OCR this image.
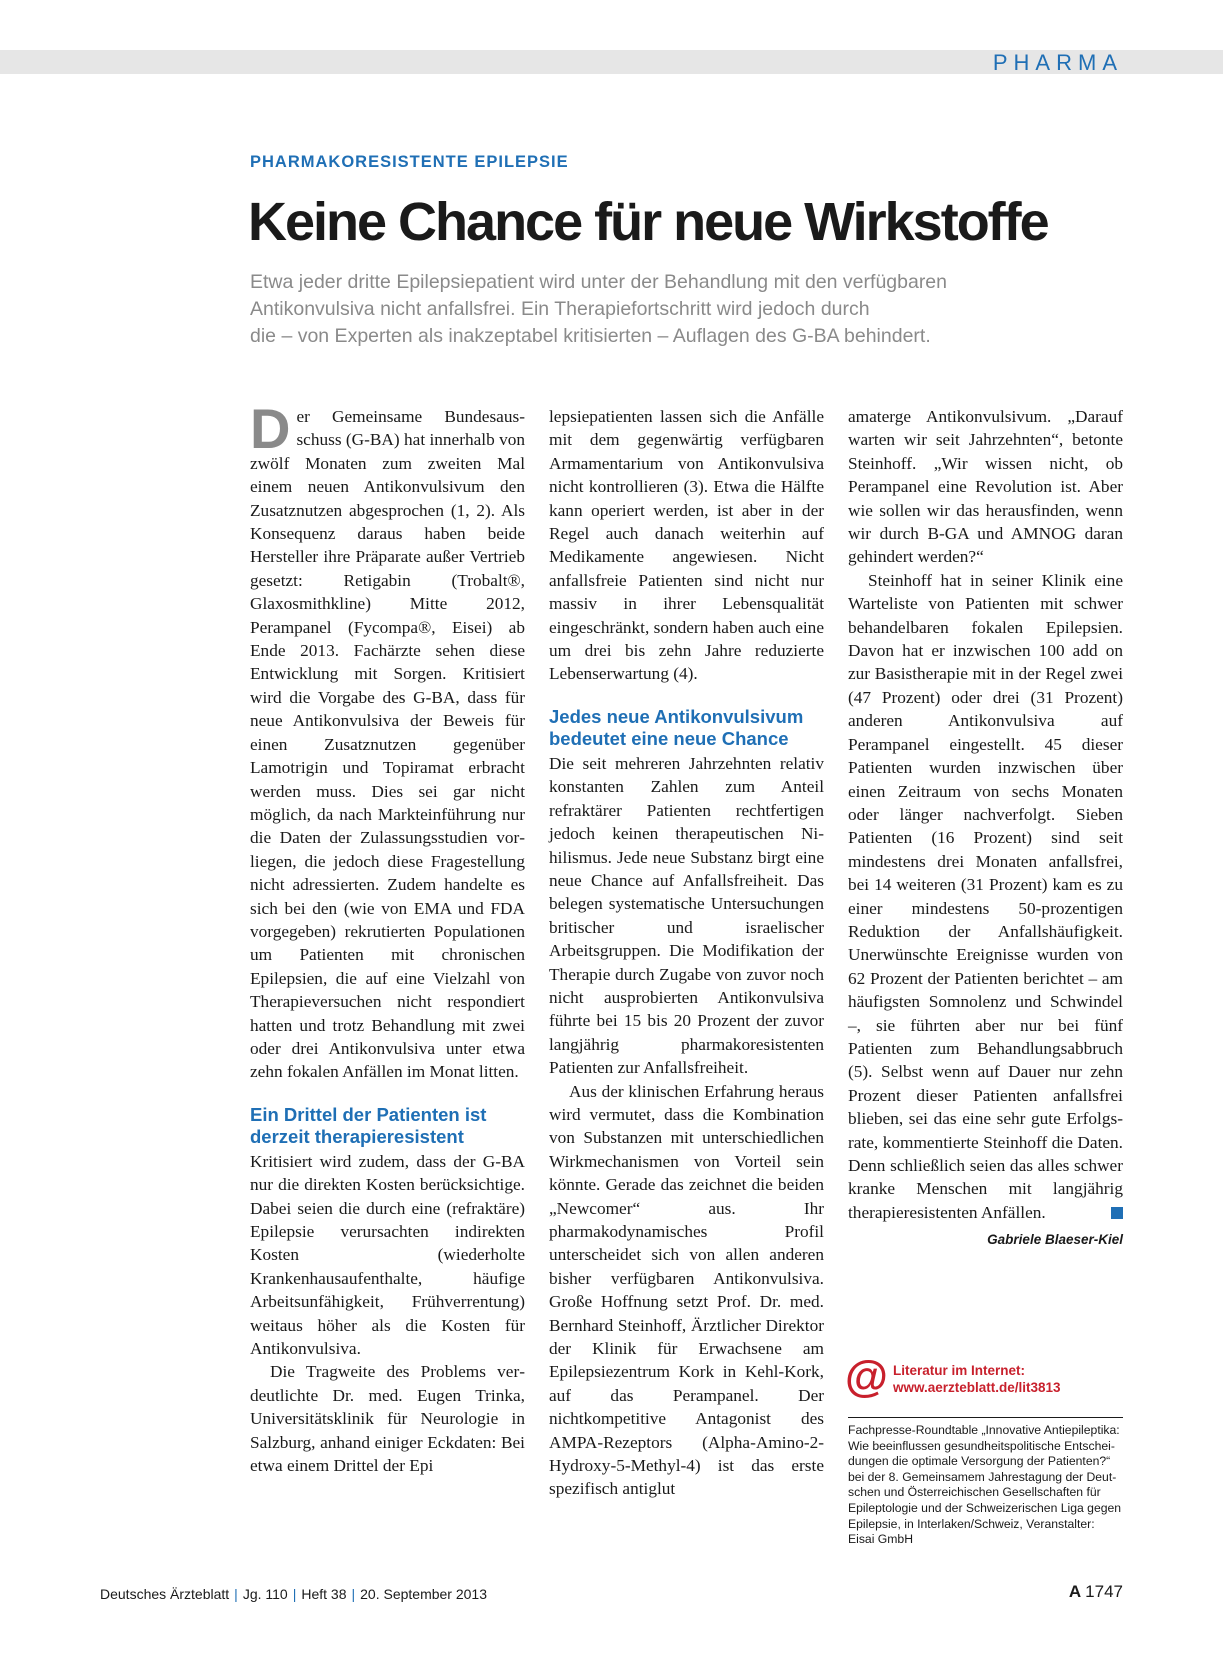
PHARMA
PHARMAKORESISTENTE EPILEPSIE
Keine Chance für neue Wirkstoffe
Etwa jeder dritte Epilepsiepatient wird unter der Behandlung mit den verfügbaren
Antikonvulsiva nicht anfallsfrei. Ein Therapiefortschritt wird jedoch durch
die – von Experten als inakzeptabel kritisierten – Auflagen des G-BA behindert.

Der Gemeinsame Bundesausschuss (G-BA) hat innerhalb von zwölf Monaten zum zweiten Mal einem neuen Antikonvulsivum den Zusatznutzen abgesprochen (1, 2). Als Konsequenz daraus haben beide Hersteller ihre Präparate außer Vertrieb gesetzt: Retigabin (Trobalt®, Glaxosmithkline) Mitte 2012, Perampanel (Fycompa®, Eisei) ab Ende 2013. Fachärzte sehen diese Entwicklung mit Sorgen. Kritisiert wird die Vorgabe des G-BA, dass für neue Antikonvulsiva der Beweis für einen Zusatznutzen gegenüber Lamotrigin und Topiramat erbracht werden muss. Dies sei gar nicht möglich, da nach Markteinführung nur die Daten der Zulassungsstudien vorliegen, die jedoch diese Fragestellung nicht adressierten. Zudem handelte es sich bei den (wie von EMA und FDA vorgegeben) rekrutierten Populationen um Patienten mit chronischen Epilepsien, die auf eine Vielzahl von Therapieversuchen nicht respondiert hatten und trotz Behandlung mit zwei oder drei Antikonvulsiva unter etwa zehn fokalen Anfällen im Monat litten.

Ein Drittel der Patienten ist derzeit therapieresistent

Kritisiert wird zudem, dass der G-BA nur die direkten Kosten berücksichtige. Dabei seien die durch eine (refraktäre) Epilepsie verursachten indirekten Kosten (wiederholte Krankenhausaufenthalte, häufige Arbeitsunfähigkeit, Frühverrentung) weitaus höher als die Kosten für Antikonvulsiva.

Die Tragweite des Problems verdeutlichte Dr. med. Eugen Trinka, Universitätsklinik für Neurologie in Salzburg, anhand einiger Eckdaten: Bei etwa einem Drittel der Epi

lepsiepatienten lassen sich die Anfälle mit dem gegenwärtig verfügbaren Armamentarium von Antikonvulsiva nicht kontrollieren (3). Etwa die Hälfte kann operiert werden, ist aber in der Regel auch danach weiterhin auf Medikamente angewiesen. Nicht anfallsfreie Patienten sind nicht nur massiv in ihrer Lebensqualität eingeschränkt, sondern haben auch eine um drei bis zehn Jahre reduzierte Lebenserwartung (4).

Jedes neue Antikonvulsivum bedeutet eine neue Chance

Die seit mehreren Jahrzehnten relativ konstanten Zahlen zum Anteil refraktärer Patienten rechtfertigen jedoch keinen therapeutischen Nihilismus. Jede neue Substanz birgt eine neue Chance auf Anfallsfreiheit. Das belegen systematische Untersuchungen britischer und israelischer Arbeitsgruppen. Die Modifikation der Therapie durch Zugabe von zuvor noch nicht ausprobierten Antikonvulsiva führte bei 15 bis 20 Prozent der zuvor langjährig pharmakoresistenten Patienten zur Anfallsfreiheit.

Aus der klinischen Erfahrung heraus wird vermutet, dass die Kombination von Substanzen mit unterschiedlichen Wirkmechanismen von Vorteil sein könnte. Gerade das zeichnet die beiden „Newcomer“ aus. Ihr pharmakodynamisches Profil unterscheidet sich von allen anderen bisher verfügbaren Antikonvulsiva. Große Hoffnung setzt Prof. Dr. med. Bernhard Steinhoff, Ärztlicher Direktor der Klinik für Erwachsene am Epilepsiezentrum Kork in Kehl-Kork, auf das Perampanel. Der nichtkompetitive Antagonist des AMPA-Rezeptors (Alpha-Amino-2-Hydroxy-5-Methyl-4) ist das erste spezifisch antiglut

amaterge Antikonvulsivum. „Darauf warten wir seit Jahrzehnten“, betonte Steinhoff. „Wir wissen nicht, ob Perampanel eine Revolution ist. Aber wie sollen wir das herausfinden, wenn wir durch B-GA und AMNOG daran gehindert werden?“

Steinhoff hat in seiner Klinik eine Warteliste von Patienten mit schwer behandelbaren fokalen Epilepsien. Davon hat er inzwischen 100 add on zur Basistherapie mit in der Regel zwei (47 Prozent) oder drei (31 Prozent) anderen Antikonvulsiva auf Perampanel eingestellt. 45 dieser Patienten wurden inzwischen über einen Zeitraum von sechs Monaten oder länger nachverfolgt. Sieben Patienten (16 Prozent) sind seit mindestens drei Monaten anfallsfrei, bei 14 weiteren (31 Prozent) kam es zu einer mindestens 50-prozentigen Reduktion der Anfallshäufigkeit. Unerwünschte Ereignisse wurden von 62 Prozent der Patienten berichtet – am häufigsten Somnolenz und Schwindel –, sie führten aber nur bei fünf Patienten zum Behandlungsabbruch (5). Selbst wenn auf Dauer nur zehn Prozent dieser Patienten anfallsfrei blieben, sei das eine sehr gute Erfolgsrate, kommentierte Steinhoff die Daten. Denn schließlich seien das alles schwer kranke Menschen mit langjährig therapieresistenten Anfällen.

Gabriele Blaeser-Kiel
@ Literatur im Internet:
www.aerzteblatt.de/lit3813
Fachpresse-Roundtable „Innovative Antiepileptika:
Wie beeinflussen gesundheitspolitische Entschei-
dungen die optimale Versorgung der Patienten?“
bei der 8. Gemeinsamem Jahrestagung der Deut-
schen und Österreichischen Gesellschaften für
Epileptologie und der Schweizerischen Liga gegen
Epilepsie, in Interlaken/Schweiz, Veranstalter:
Eisai GmbH
Deutsches Ärzteblatt | Jg. 110 | Heft 38 | 20. September 2013	A 1747
